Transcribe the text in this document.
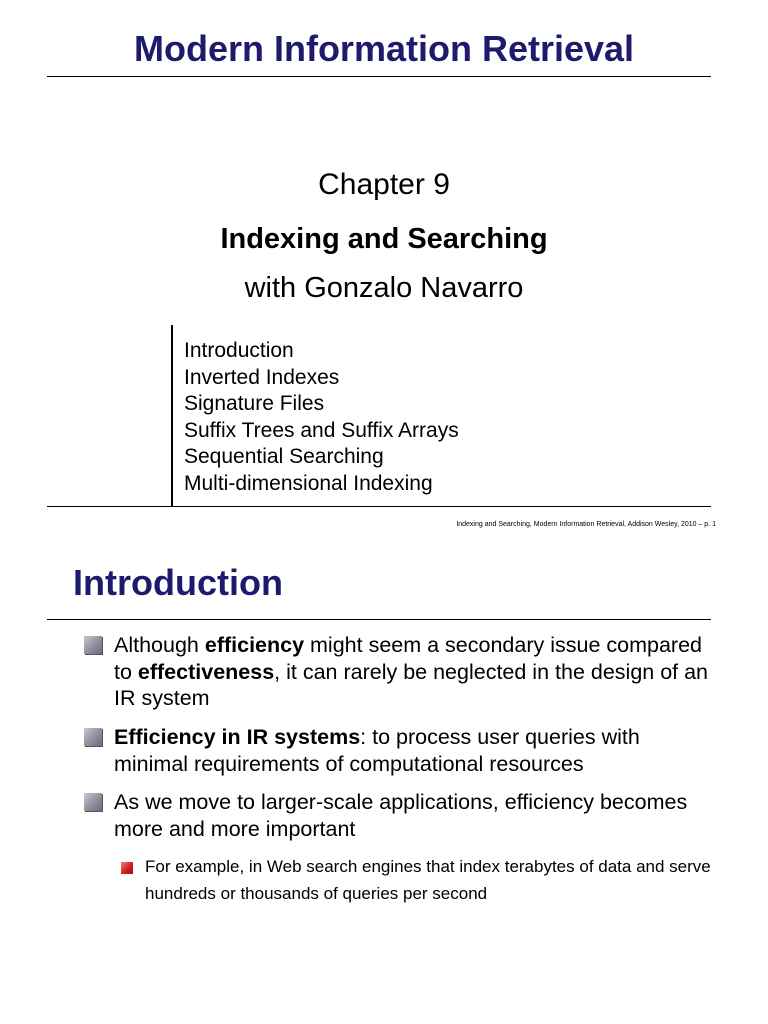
Modern Information Retrieval
Chapter 9
Indexing and Searching
with Gonzalo Navarro
Introduction
Inverted Indexes
Signature Files
Suffix Trees and Suffix Arrays
Sequential Searching
Multi-dimensional Indexing
Indexing and Searching, Modern Information Retrieval, Addison Wesley, 2010 – p. 1
Introduction
Although efficiency might seem a secondary issue compared to effectiveness, it can rarely be neglected in the design of an IR system
Efficiency in IR systems: to process user queries with minimal requirements of computational resources
As we move to larger-scale applications, efficiency becomes more and more important
For example, in Web search engines that index terabytes of data and serve hundreds or thousands of queries per second
